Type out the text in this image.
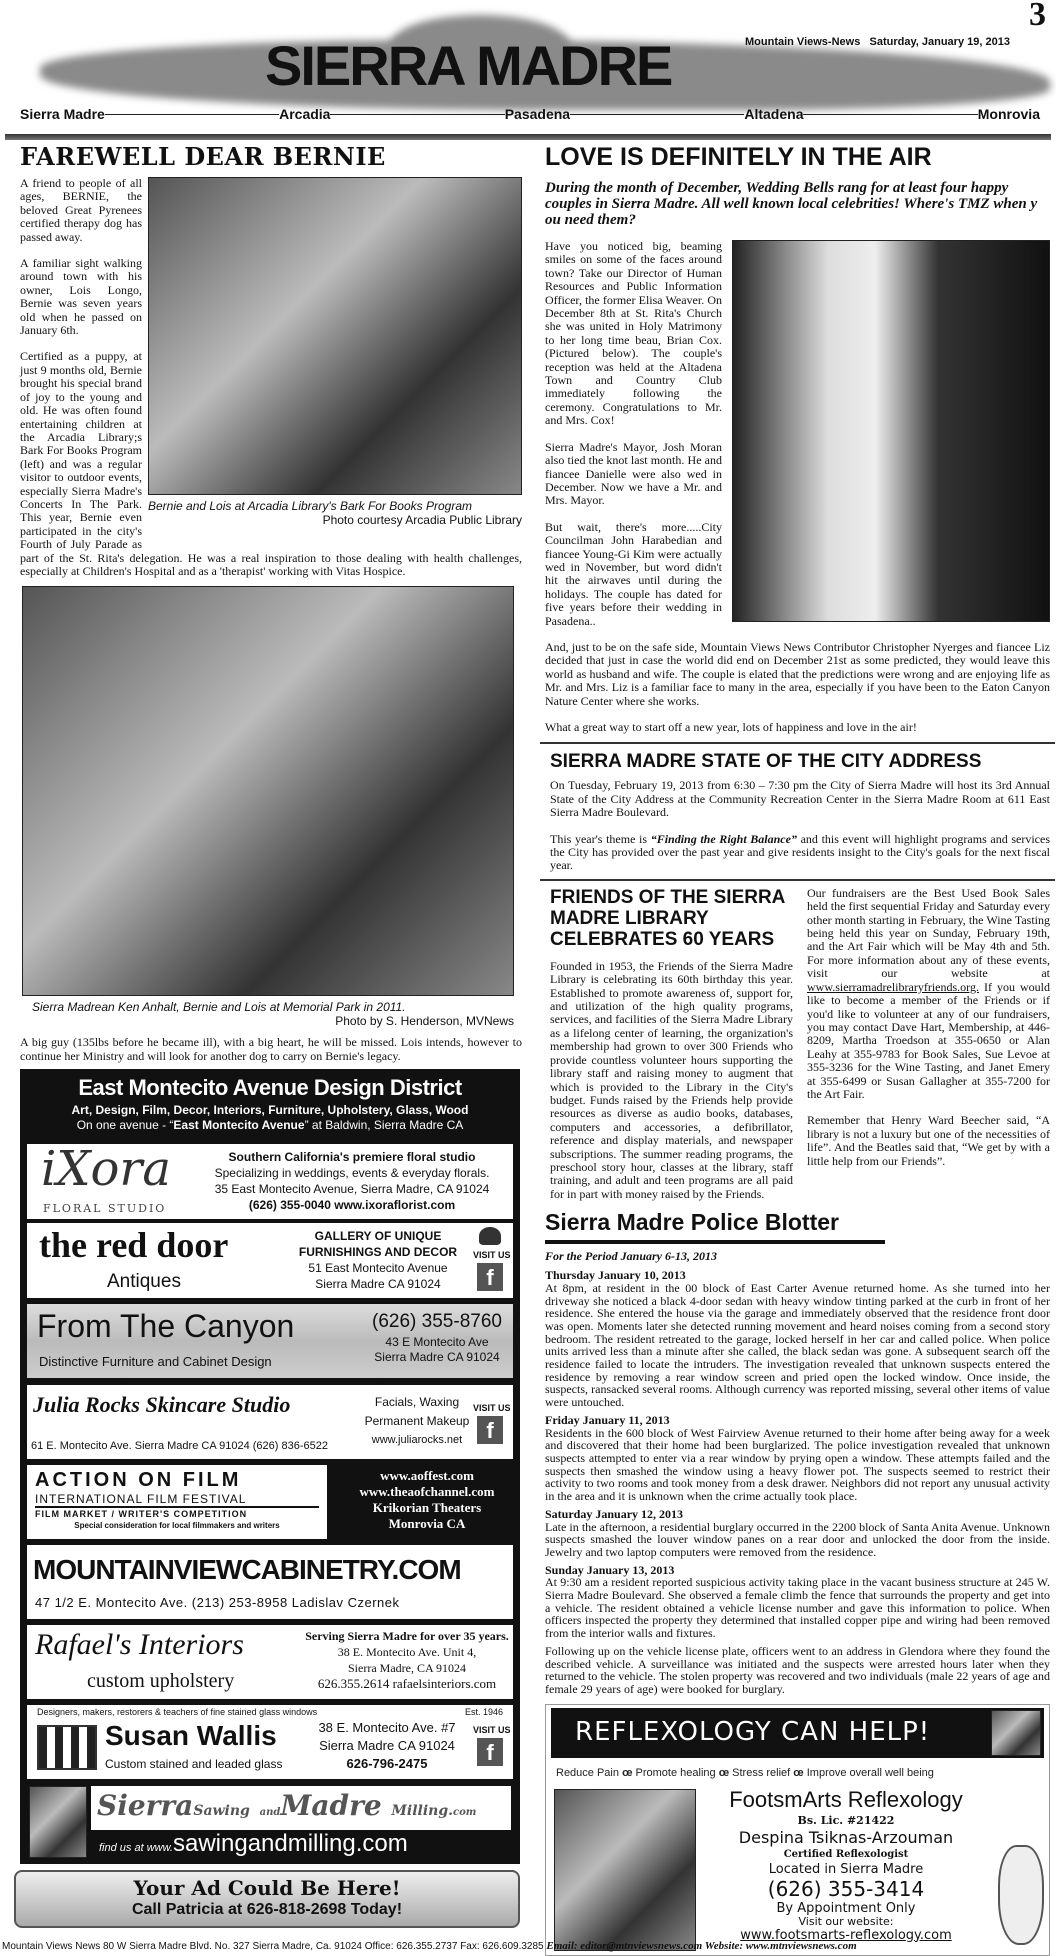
SIERRA MADRE
3
Mountain Views-News Saturday, January 19, 2013
Sierra Madre	Arcadia	Pasadena	Altadena	Monrovia
FAREWELL DEAR BERNIE
Bernie and Lois at Arcadia Library's Bark For Books Program
Photo courtesy Arcadia Public Library

A friend to people of all ages, BERNIE, the beloved Great Pyrenees certified therapy dog has passed away.

A familiar sight walking around town with his owner, Lois Longo, Bernie was seven years old when he passed on January 6th.

Certified as a puppy, at just 9 months old, Bernie brought his special brand of joy to the young and old. He was often found entertaining children at the Arcadia Library;s Bark For Books Program (left) and was a regular visitor to outdoor events, especially Sierra Madre's Concerts In The Park. This year, Bernie even participated in the city's Fourth of July Parade as part of the St. Rita's delegation. He was a real inspiration to those dealing with health challenges, especially at Children's Hospital and as a 'therapist' working with Vitas Hospice.

Sierra Madrean Ken Anhalt, Bernie and Lois at Memorial Park in 2011.
Photo by S. Henderson, MVNews

A big guy (135lbs before he became ill), with a big heart, he will be missed. Lois intends, however to continue her Ministry and will look for another dog to carry on Bernie's legacy.

East Montecito Avenue Design District
Art, Design, Film, Decor, Interiors, Furniture, Upholstery, Glass, Wood
On one avenue - “East Montecito Avenue” at Baldwin, Sierra Madre CA
iXora
FLORAL STUDIO
Southern California's premiere floral studio
Specializing in weddings, events & everyday florals.
35 East Montecito Avenue, Sierra Madre, CA 91024
(626) 355-0040 www.ixoraflorist.com
the red door
Antiques
GALLERY OF UNIQUE
FURNISHINGS AND DECOR
51 East Montecito Avenue
Sierra Madre CA 91024
VISIT US
f
From The Canyon
Distinctive Furniture and Cabinet Design
(626) 355-8760
43 E Montecito Ave
Sierra Madre CA 91024
Julia Rocks Skincare Studio
61 E. Montecito Ave. Sierra Madre CA 91024 (626) 836-6522
Facials, Waxing
Permanent Makeup
www.juliarocks.net
VISIT US
f
ACTION ON FILM
INTERNATIONAL FILM FESTIVAL
FILM MARKET / WRITER'S COMPETITION
Special consideration for local filmmakers and writers
www.aoffest.com
www.theaofchannel.com
Krikorian Theaters
Monrovia CA
MOUNTAINVIEWCABINETRY.COM
47 1/2 E. Montecito Ave. (213) 253-8958 Ladislav Czernek
Rafael's Interiors
custom upholstery
Serving Sierra Madre for over 35 years.
38 E. Montecito Ave. Unit 4,
Sierra Madre, CA 91024
626.355.2614 rafaelsinteriors.com
Designers, makers, restorers & teachers of fine stained glass windows
Susan Wallis
Custom stained and leaded glass
38 E. Montecito Ave. #7
Sierra Madre CA 91024
626-796-2475
Est. 1946
VISIT US
f
SierraSawing andMadre Milling.com
find us at www.sawingandmilling.com
Your Ad Could Be Here!
Call Patricia at 626-818-2698 Today!
LOVE IS DEFINITELY IN THE AIR
During the month of December, Wedding Bells rang for at least four happy couples in Sierra Madre. All well known local celebrities! Where's TMZ when y ou need them?

Have you noticed big, beaming smiles on some of the faces around town? Take our Director of Human Resources and Public Information Officer, the former Elisa Weaver. On December 8th at St. Rita's Church she was united in Holy Matrimony to her long time beau, Brian Cox. (Pictured below). The couple's reception was held at the Altadena Town and Country Club immediately following the ceremony. Congratulations to Mr. and Mrs. Cox!

Sierra Madre's Mayor, Josh Moran also tied the knot last month. He and fiancee Danielle were also wed in December. Now we have a Mr. and Mrs. Mayor.

But wait, there's more.....City Councilman John Harabedian and fiancee Young-Gi Kim were actually wed in November, but word didn't hit the airwaves until during the holidays. The couple has dated for five years before their wedding in Pasadena..

And, just to be on the safe side, Mountain Views News Contributor Christopher Nyerges and fiancee Liz decided that just in case the world did end on December 21st as some predicted, they would leave this world as husband and wife. The couple is elated that the predictions were wrong and are enjoying life as Mr. and Mrs. Liz is a familiar face to many in the area, especially if you have been to the Eaton Canyon Nature Center where she works.

What a great way to start off a new year, lots of happiness and love in the air!

SIERRA MADRE STATE OF THE CITY ADDRESS

On Tuesday, February 19, 2013 from 6:30 – 7:30 pm the City of Sierra Madre will host its 3rd Annual State of the City Address at the Community Recreation Center in the Sierra Madre Room at 611 East Sierra Madre Boulevard.

This year's theme is “Finding the Right Balance” and this event will highlight programs and services the City has provided over the past year and give residents insight to the City's goals for the next fiscal year.

FRIENDS OF THE SIERRA MADRE LIBRARY CELEBRATES 60 YEARS

Founded in 1953, the Friends of the Sierra Madre Library is celebrating its 60th birthday this year. Established to promote awareness of, support for, and utilization of the high quality programs, services, and facilities of the Sierra Madre Library as a lifelong center of learning, the organization's membership had grown to over 300 Friends who provide countless volunteer hours supporting the library staff and raising money to augment that which is provided to the Library in the City's budget. Funds raised by the Friends help provide resources as diverse as audio books, databases, computers and accessories, a defibrillator, reference and display materials, and newspaper subscriptions. The summer reading programs, the preschool story hour, classes at the library, staff training, and adult and teen programs are all paid for in part with money raised by the Friends.

Our fundraisers are the Best Used Book Sales held the first sequential Friday and Saturday every other month starting in February, the Wine Tasting being held this year on Sunday, February 19th, and the Art Fair which will be May 4th and 5th. For more information about any of these events, visit our website at www.sierramadrelibraryfriends.org. If you would like to become a member of the Friends or if you'd like to volunteer at any of our fundraisers, you may contact Dave Hart, Membership, at 446-8209, Martha Troedson at 355-0650 or Alan Leahy at 355-9783 for Book Sales, Sue Levoe at 355-3236 for the Wine Tasting, and Janet Emery at 355-6499 or Susan Gallagher at 355-7200 for the Art Fair.

Remember that Henry Ward Beecher said, “A library is not a luxury but one of the necessities of life”. And the Beatles said that, “We get by with a little help from our Friends”.

Sierra Madre Police Blotter
For the Period January 6-13, 2013
Thursday January 10, 2013
At 8pm, at resident in the 00 block of East Carter Avenue returned home. As she turned into her driveway she noticed a black 4-door sedan with heavy window tinting parked at the curb in front of her residence. She entered the house via the garage and immediately observed that the residence front door was open. Moments later she detected running movement and heard noises coming from a second story bedroom. The resident retreated to the garage, locked herself in her car and called police. When police units arrived less than a minute after she called, the black sedan was gone. A subsequent search off the residence failed to locate the intruders. The investigation revealed that unknown suspects entered the residence by removing a rear window screen and pried open the locked window. Once inside, the suspects, ransacked several rooms. Although currency was reported missing, several other items of value were untouched.
Friday January 11, 2013
Residents in the 600 block of West Fairview Avenue returned to their home after being away for a week and discovered that their home had been burglarized. The police investigation revealed that unknown suspects attempted to enter via a rear window by prying open a window. These attempts failed and the suspects then smashed the window using a heavy flower pot. The suspects seemed to restrict their activity to two rooms and took money from a desk drawer. Neighbors did not report any unusual activity in the area and it is unknown when the crime actually took place.
Saturday January 12, 2013
Late in the afternoon, a residential burglary occurred in the 2200 block of Santa Anita Avenue. Unknown suspects smashed the louver window panes on a rear door and unlocked the door from the inside. Jewelry and two laptop computers were removed from the residence.
Sunday January 13, 2013
At 9:30 am a resident reported suspicious activity taking place in the vacant business structure at 245 W. Sierra Madre Boulevard. She observed a female climb the fence that surrounds the property and get into a vehicle. The resident obtained a vehicle license number and gave this information to police. When officers inspected the property they determined that installed copper pipe and wiring had been removed from the interior walls and fixtures.
Following up on the vehicle license plate, officers went to an address in Glendora where they found the described vehicle. A surveillance was initiated and the suspects were arrested hours later when they returned to the vehicle. The stolen property was recovered and two individuals (male 22 years of age and female 29 years of age) were booked for burglary.
REFLEXOLOGY CAN HELP!
Reduce Pain œ Promote healing œ Stress relief œ Improve overall well being
FootsmArts Reflexology
Bs. Lic. #21422
Despina Tsiknas-Arzouman
Certified Reflexologist
Located in Sierra Madre
(626) 355-3414
By Appointment Only
Visit our website:
www.footsmarts-reflexology.com
Mountain Views News 80 W Sierra Madre Blvd. No. 327 Sierra Madre, Ca. 91024 Office: 626.355.2737 Fax: 626.609.3285 Email: editor@mtnviewsnews.com Website: www.mtnviewsnews.com
